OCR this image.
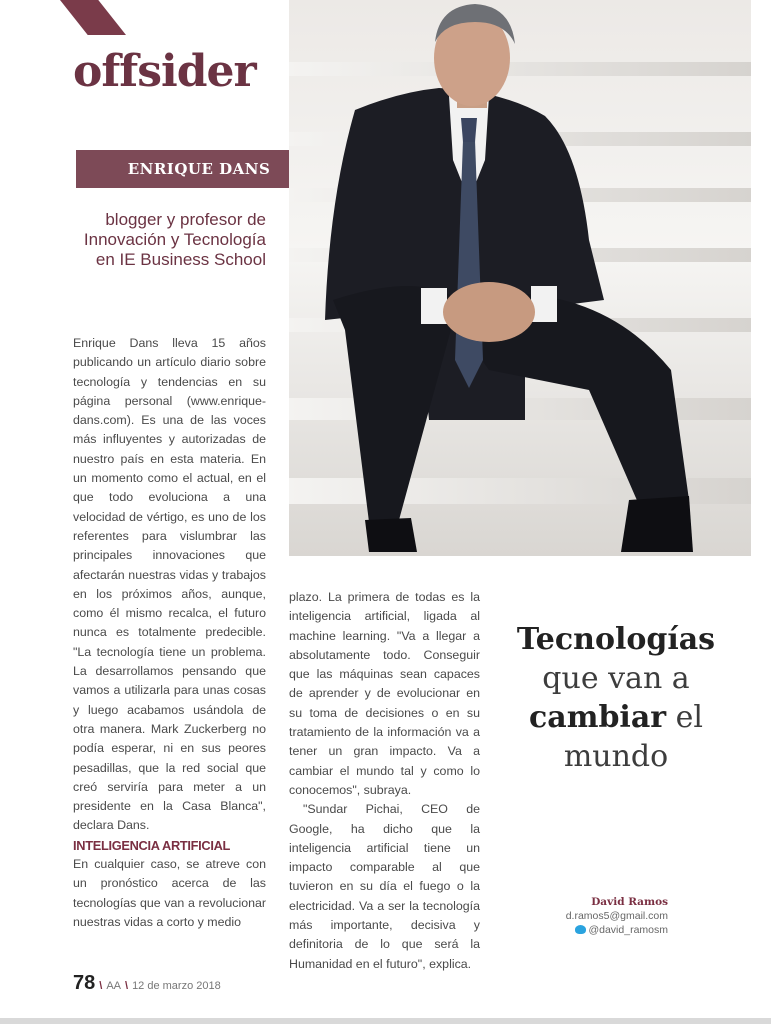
offsider
ENRIQUE DANS
blogger y profesor de
Innovación y Tecnología
en IE Business School

Enrique Dans lleva 15 años publicando un artículo diario sobre tecnología y tendencias en su página personal (www.enrique-dans.com). Es una de las voces más influyentes y autorizadas de nuestro país en esta materia. En un momento como el actual, en el que todo evoluciona a una velocidad de vértigo, es uno de los referentes para vislumbrar las principales innovaciones que afectarán nuestras vidas y trabajos en los próximos años, aunque, como él mismo recalca, el futuro nunca es totalmente predecible. "La tecnología tiene un problema. La desarrollamos pensando que vamos a utilizarla para unas cosas y luego acabamos usándola de otra manera. Mark Zuckerberg no podía esperar, ni en sus peores pesadillas, que la red social que creó serviría para meter a un presidente en la Casa Blanca", declara Dans.

INTELIGENCIA ARTIFICIAL

En cualquier caso, se atreve con un pronóstico acerca de las tecnologías que van a revolucionar nuestras vidas a corto y medio

plazo. La primera de todas es la inteligencia artificial, ligada al machine learning. "Va a llegar a absolutamente todo. Conseguir que las máquinas sean capaces de aprender y de evolucionar en su toma de decisiones o en su tratamiento de la información va a tener un gran impacto. Va a cambiar el mundo tal y como lo conocemos", subraya.

"Sundar Pichai, CEO de Google, ha dicho que la inteligencia artificial tiene un impacto comparable al que tuvieron en su día el fuego o la electricidad. Va a ser la tecnología más importante, decisiva y definitoria de lo que será la Humanidad en el futuro", explica.

Tecnologías
que van a
cambiar el
mundo
David Ramos
d.ramos5@gmail.com
@david_ramosm
78 \ AA \ 12 de marzo 2018
